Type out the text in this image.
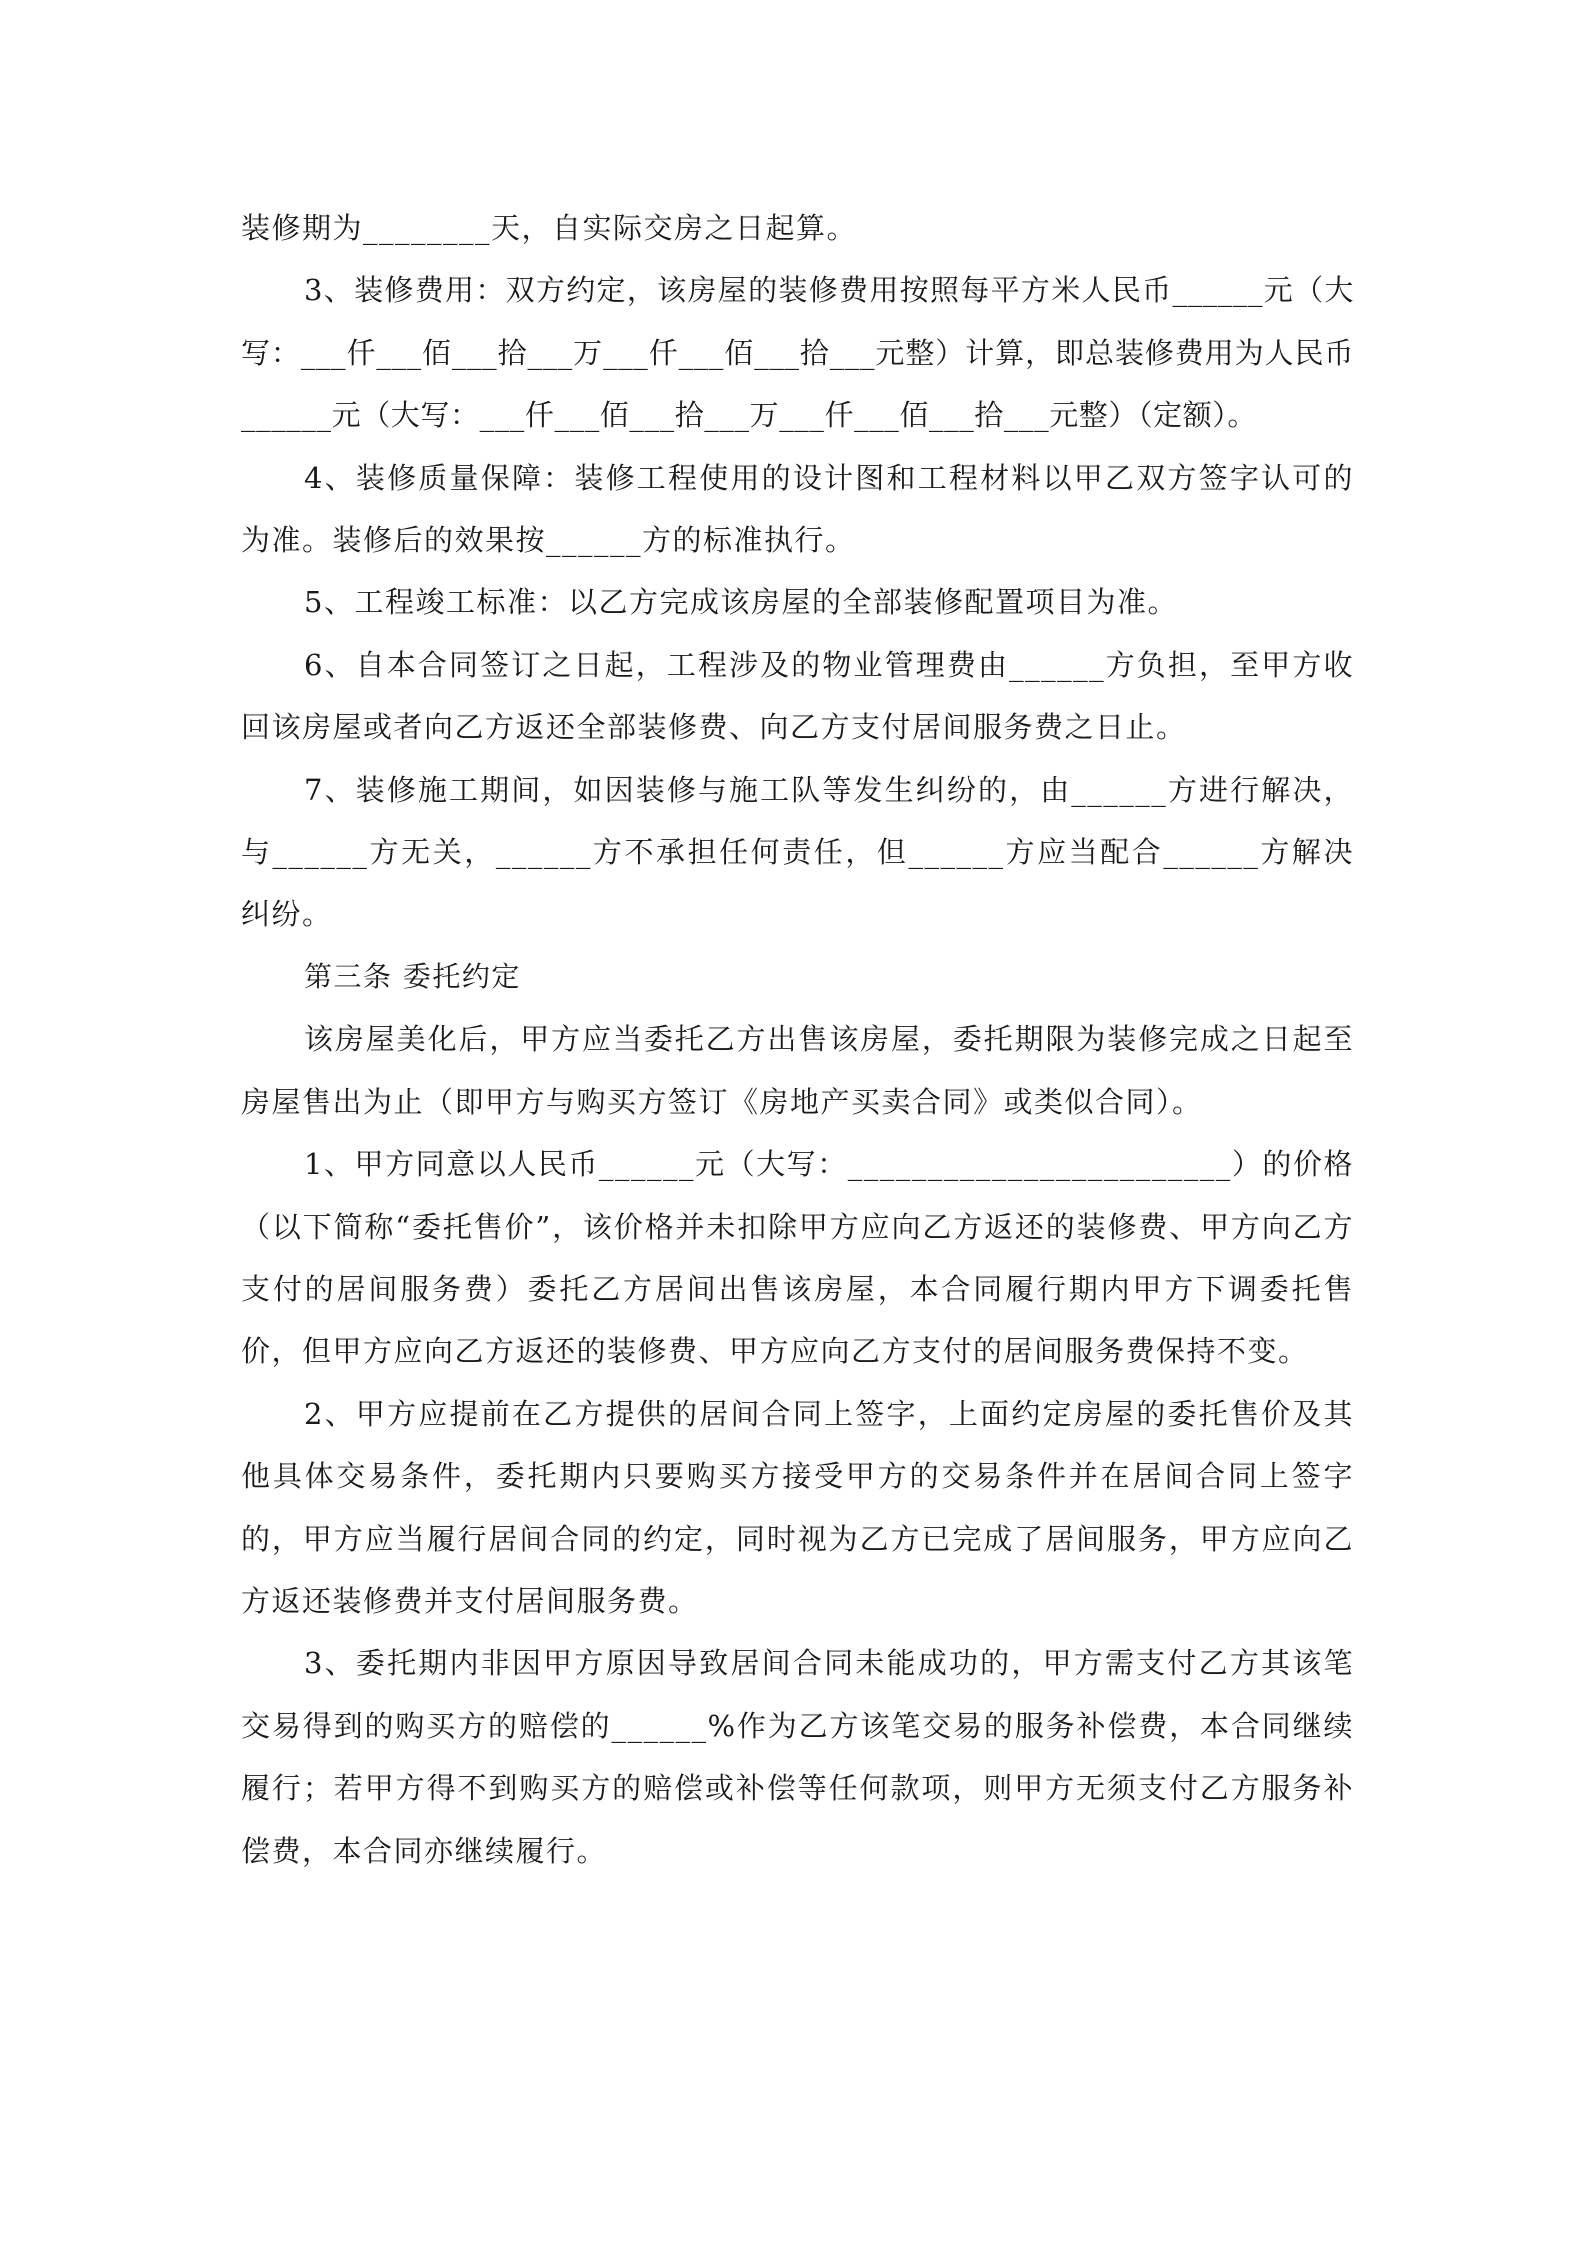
装修期为________天，自实际交房之日起算。

3、装修费用：双方约定，该房屋的装修费用按照每平方米人民币______元（大写：___仟___佰___拾___万___仟___佰___拾___元整）计算，即总装修费用为人民币______元（大写：___仟___佰___拾___万___仟___佰___拾___元整）（定额）。

4、装修质量保障：装修工程使用的设计图和工程材料以甲乙双方签字认可的为准。装修后的效果按______方的标准执行。

5、工程竣工标准：以乙方完成该房屋的全部装修配置项目为准。

6、自本合同签订之日起，工程涉及的物业管理费由______方负担，至甲方收回该房屋或者向乙方返还全部装修费、向乙方支付居间服务费之日止。

7、装修施工期间，如因装修与施工队等发生纠纷的，由______方进行解决，与______方无关，______方不承担任何责任，但______方应当配合______方解决纠纷。

第三条 委托约定

该房屋美化后，甲方应当委托乙方出售该房屋，委托期限为装修完成之日起至房屋售出为止（即甲方与购买方签订《房地产买卖合同》或类似合同）。

1、甲方同意以人民币______元（大写：________________________）的价格（以下简称“委托售价”，该价格并未扣除甲方应向乙方返还的装修费、甲方向乙方支付的居间服务费）委托乙方居间出售该房屋，本合同履行期内甲方下调委托售价，但甲方应向乙方返还的装修费、甲方应向乙方支付的居间服务费保持不变。

2、甲方应提前在乙方提供的居间合同上签字，上面约定房屋的委托售价及其他具体交易条件，委托期内只要购买方接受甲方的交易条件并在居间合同上签字的，甲方应当履行居间合同的约定，同时视为乙方已完成了居间服务，甲方应向乙方返还装修费并支付居间服务费。

3、委托期内非因甲方原因导致居间合同未能成功的，甲方需支付乙方其该笔交易得到的购买方的赔偿的______%作为乙方该笔交易的服务补偿费，本合同继续履行；若甲方得不到购买方的赔偿或补偿等任何款项，则甲方无须支付乙方服务补偿费，本合同亦继续履行。
